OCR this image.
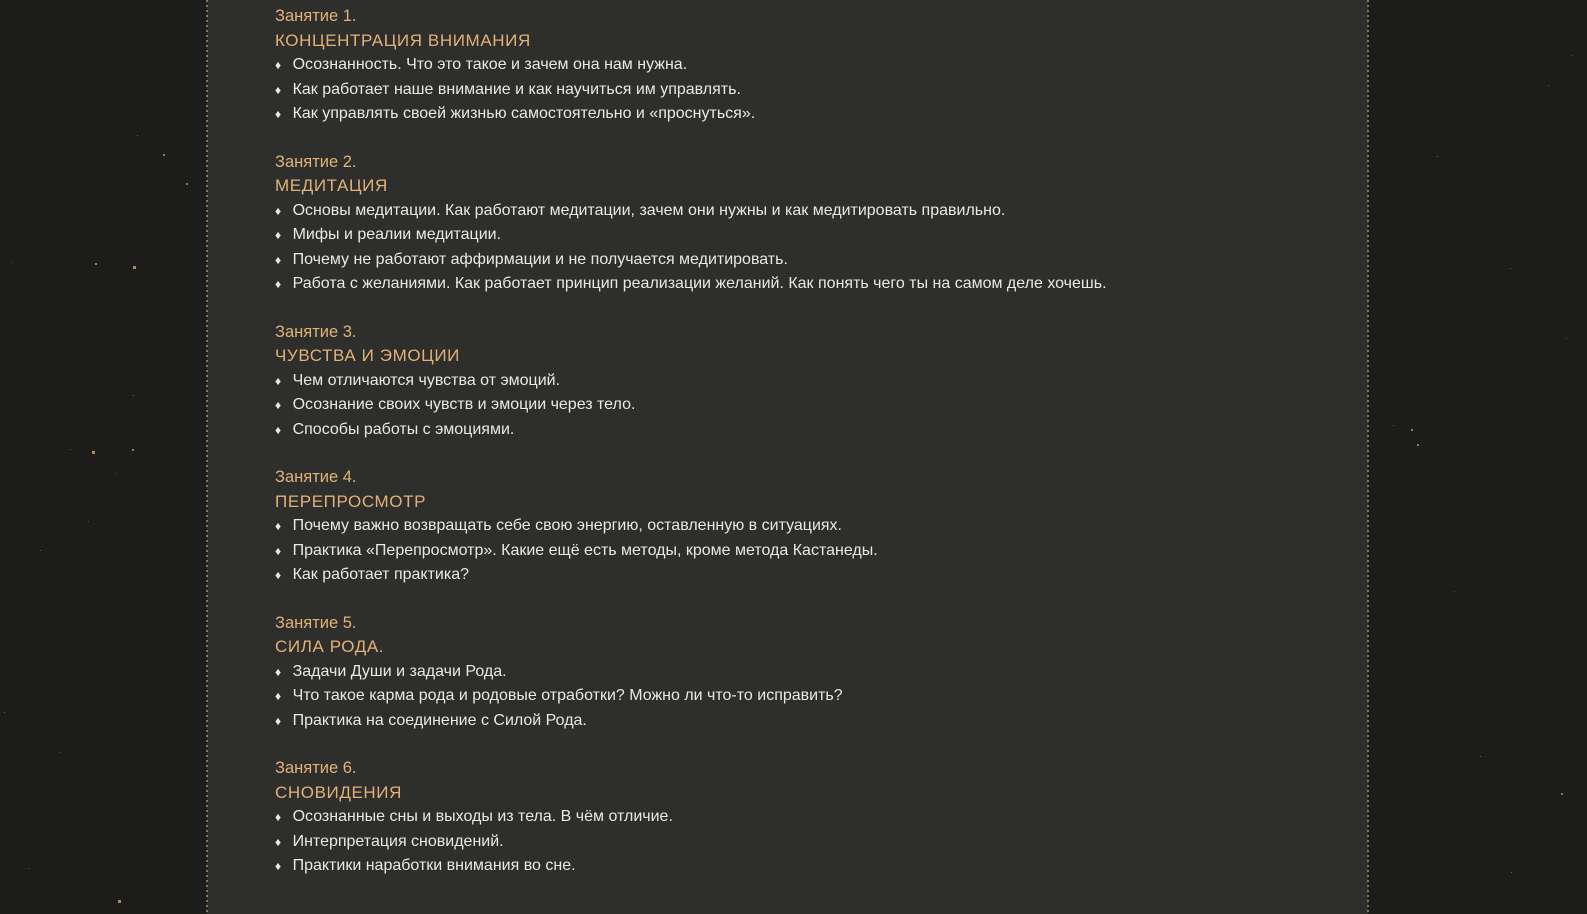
Занятие 1.
КОНЦЕНТРАЦИЯ ВНИМАНИЯ
♦ Осознанность. Что это такое и зачем она нам нужна.
♦ Как работает наше внимание и как научиться им управлять.
♦ Как управлять своей жизнью самостоятельно и «проснуться».
Занятие 2.
МЕДИТАЦИЯ
♦ Основы медитации. Как работают медитации, зачем они нужны и как медитировать правильно.
♦ Мифы и реалии медитации.
♦ Почему не работают аффирмации и не получается медитировать.
♦ Работа с желаниями. Как работает принцип реализации желаний. Как понять чего ты на самом деле хочешь.
Занятие 3.
ЧУВСТВА И ЭМОЦИИ
♦ Чем отличаются чувства от эмоций.
♦ Осознание своих чувств и эмоции через тело.
♦ Способы работы с эмоциями.
Занятие 4.
ПЕРЕПРОСМОТР
♦ Почему важно возвращать себе свою энергию, оставленную в ситуациях.
♦ Практика «Перепросмотр». Какие ещё есть методы, кроме метода Кастанеды.
♦ Как работает практика?
Занятие 5.
СИЛА РОДА.
♦ Задачи Души и задачи Рода.
♦ Что такое карма рода и родовые отработки? Можно ли что-то исправить?
♦ Практика на соединение с Силой Рода.
Занятие 6.
СНОВИДЕНИЯ
♦ Осознанные сны и выходы из тела. В чём отличие.
♦ Интерпретация сновидений.
♦ Практики наработки внимания во сне.
